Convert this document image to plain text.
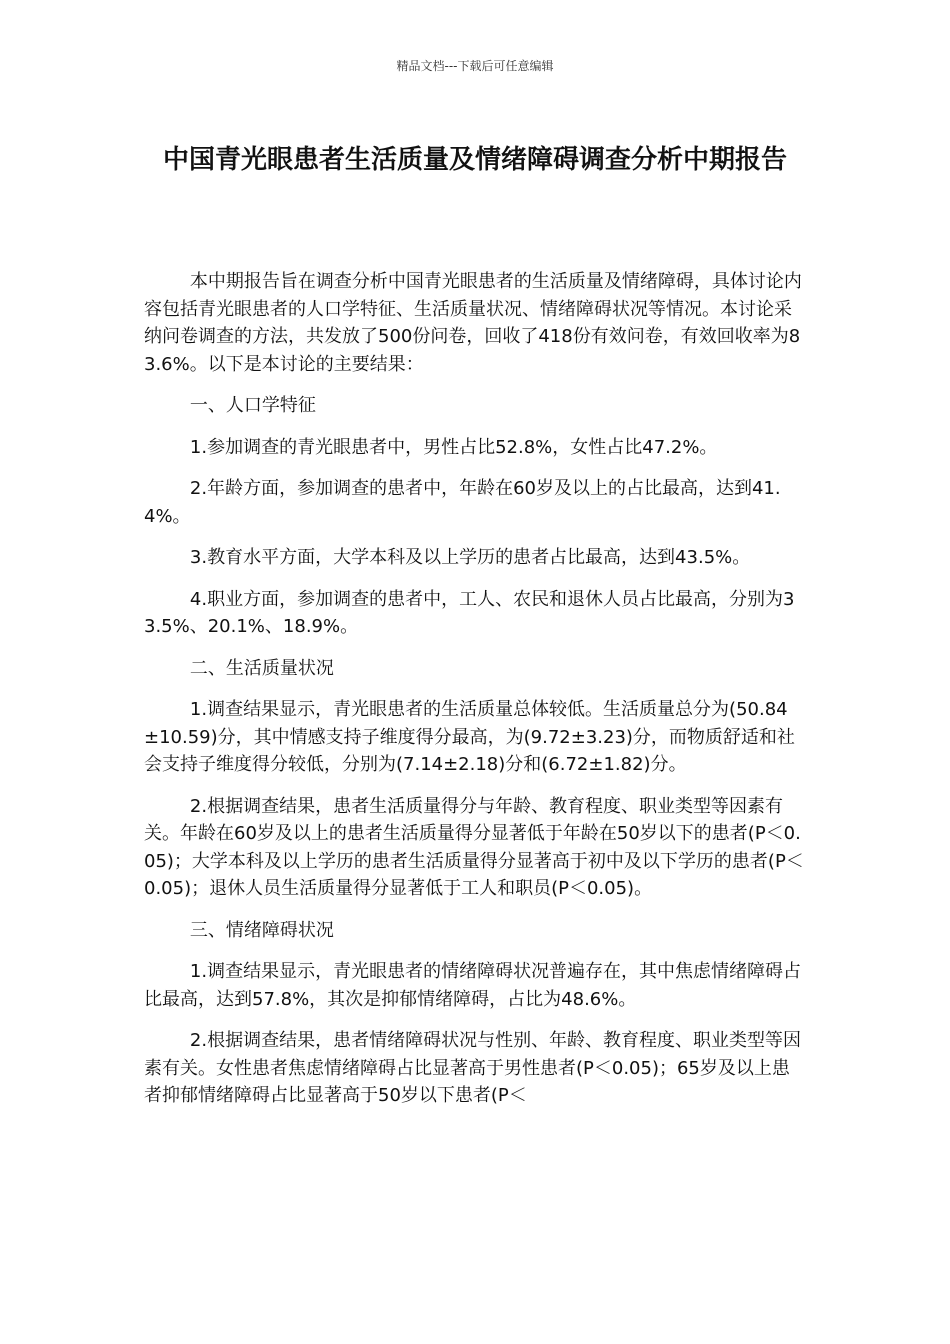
精品文档---下载后可任意编辑
中国青光眼患者生活质量及情绪障碍调查分析中期报告

本中期报告旨在调查分析中国青光眼患者的生活质量及情绪障碍，具体讨论内容包括青光眼患者的人口学特征、生活质量状况、情绪障碍状况等情况。本讨论采纳问卷调查的方法，共发放了500份问卷，回收了418份有效问卷，有效回收率为83.6%。以下是本讨论的主要结果：

一、人口学特征

1.参加调查的青光眼患者中，男性占比52.8%，女性占比47.2%。

2.年龄方面，参加调查的患者中，年龄在60岁及以上的占比最高，达到41.4%。

3.教育水平方面，大学本科及以上学历的患者占比最高，达到43.5%。

4.职业方面，参加调查的患者中，工人、农民和退休人员占比最高，分别为33.5%、20.1%、18.9%。

二、生活质量状况

1.调查结果显示，青光眼患者的生活质量总体较低。生活质量总分为(50.84±10.59)分，其中情感支持子维度得分最高，为(9.72±3.23)分，而物质舒适和社会支持子维度得分较低，分别为(7.14±2.18)分和(6.72±1.82)分。

2.根据调查结果，患者生活质量得分与年龄、教育程度、职业类型等因素有关。年龄在60岁及以上的患者生活质量得分显著低于年龄在50岁以下的患者(P＜0.05)；大学本科及以上学历的患者生活质量得分显著高于初中及以下学历的患者(P＜0.05)；退休人员生活质量得分显著低于工人和职员(P＜0.05)。

三、情绪障碍状况

1.调查结果显示，青光眼患者的情绪障碍状况普遍存在，其中焦虑情绪障碍占比最高，达到57.8%，其次是抑郁情绪障碍，占比为48.6%。

2.根据调查结果，患者情绪障碍状况与性别、年龄、教育程度、职业类型等因素有关。女性患者焦虑情绪障碍占比显著高于男性患者(P＜0.05)；65岁及以上患者抑郁情绪障碍占比显著高于50岁以下患者(P＜
